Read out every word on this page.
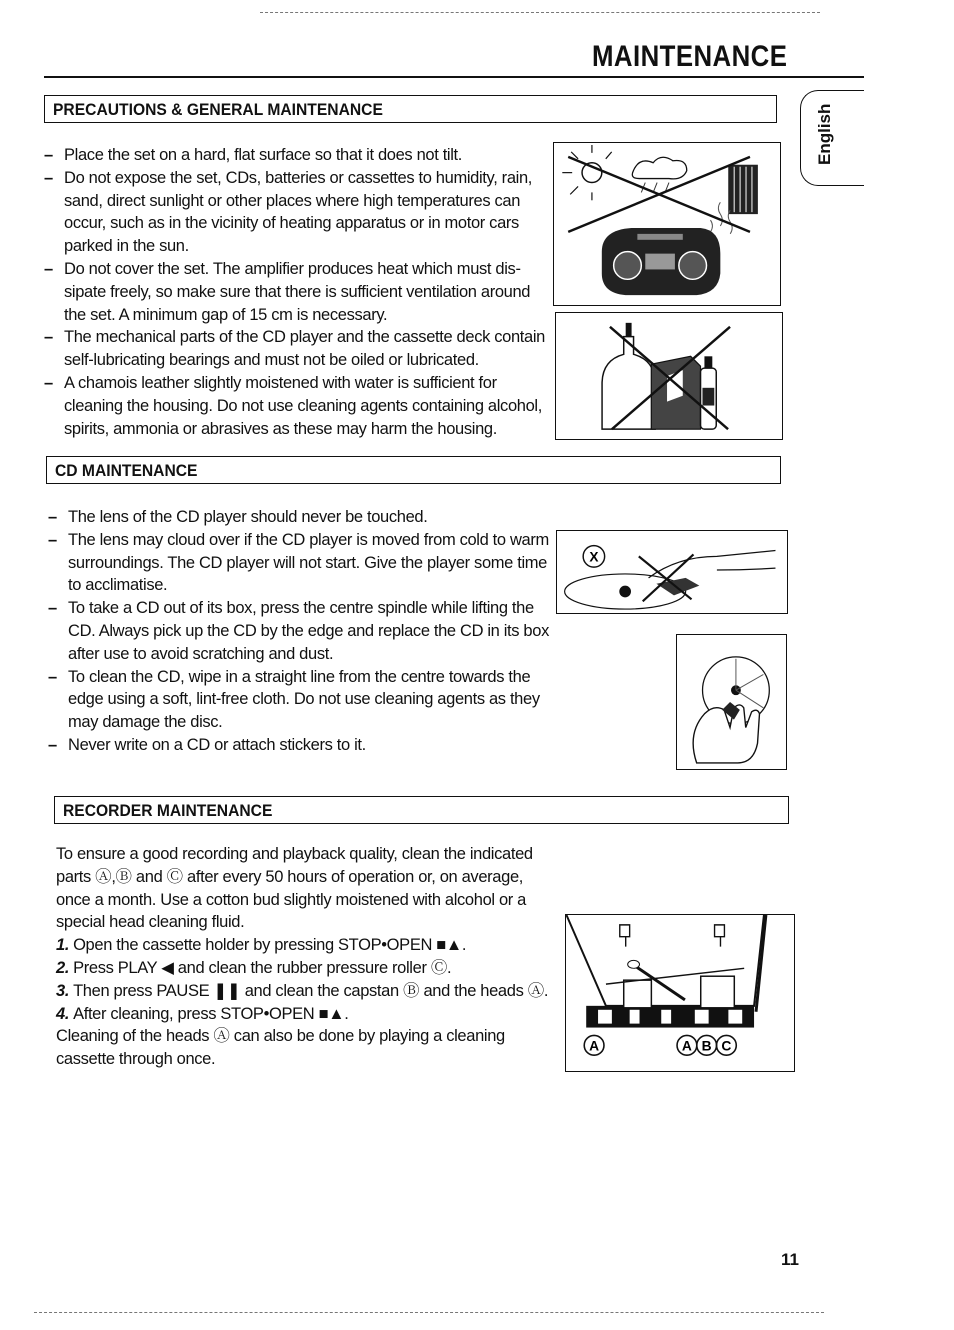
MAINTENANCE
English
PRECAUTIONS & GENERAL MAINTENANCE
– Place the set on a hard, flat surface so that it does not tilt.
– Do not expose the set, CDs, batteries or cassettes to humidity, rain,
sand, direct sunlight or other places where high temperatures can
occur, such as in the vicinity of heating apparatus or in motor cars
parked in the sun.
– Do not cover the set. The amplifier produces heat which must dis-
sipate freely, so make sure that there is sufficient ventilation around
the set. A minimum gap of 15 cm is necessary.
– The mechanical parts of the CD player and the cassette deck contain
self-lubricating bearings and must not be oiled or lubricated.
– A chamois leather slightly moistened with water is sufficient for
cleaning the housing. Do not use cleaning agents containing alcohol,
spirits, ammonia or abrasives as these may harm the housing.
CD MAINTENANCE
– The lens of the CD player should never be touched.
– The lens may cloud over if the CD player is moved from cold to warm
surroundings. The CD player will not start. Give the player some time
to acclimatise.
– To take a CD out of its box, press the centre spindle while lifting the
CD. Always pick up the CD by the edge and replace the CD in its box
after use to avoid scratching and dust.
– To clean the CD, wipe in a straight line from the centre towards the
edge using a soft, lint-free cloth. Do not use cleaning agents as they
may damage the disc.
– Never write on a CD or attach stickers to it.
X
RECORDER MAINTENANCE
To ensure a good recording and playback quality, clean the indicated
parts Ⓐ,Ⓑ and Ⓒ after every 50 hours of operation or, on average,
once a month. Use a cotton bud slightly moistened with alcohol or a
special head cleaning fluid.
1. Open the cassette holder by pressing STOP•OPEN ■▲.
2. Press PLAY ◀ and clean the rubber pressure roller Ⓒ.
3. Then press PAUSE ❚❚ and clean the capstan Ⓑ and the heads Ⓐ.
4. After cleaning, press STOP•OPEN ■▲.
Cleaning of the heads Ⓐ can also be done by playing a cleaning
cassette through once.
A	A B C
11
